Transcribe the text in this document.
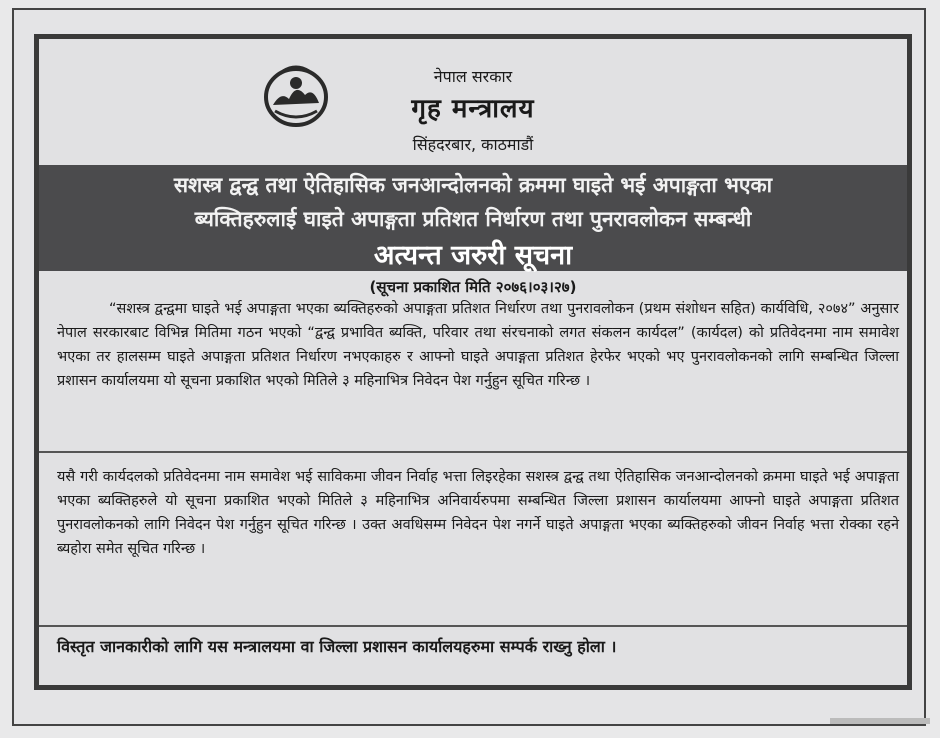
नेपाल सरकार
गृह मन्त्रालय
सिंहदरबार, काठमाडौं
सशस्त्र द्वन्द्व तथा ऐतिहासिक जनआन्दोलनको क्रममा घाइते भई अपाङ्गता भएका
ब्यक्तिहरुलाई घाइते अपाङ्गता प्रतिशत निर्धारण तथा पुनरावलोकन सम्बन्धी
अत्यन्त जरुरी सूचना
(सूचना प्रकाशित मिति २०७६।०३।२७)

“सशस्त्र द्वन्द्वमा घाइते भई अपाङ्गता भएका ब्यक्तिहरुको अपाङ्गता प्रतिशत निर्धारण तथा पुनरावलोकन (प्रथम संशोधन सहित) कार्यविधि, २०७४” अनुसार नेपाल सरकारबाट विभिन्न मितिमा गठन भएको “द्वन्द्व प्रभावित ब्यक्ति, परिवार तथा संरचनाको लगत संकलन कार्यदल” (कार्यदल) को प्रतिवेदनमा नाम समावेश भएका तर हालसम्म घाइते अपाङ्गता प्रतिशत निर्धारण नभएकाहरु र आफ्नो घाइते अपाङ्गता प्रतिशत हेरफेर भएको भए पुनरावलोकनको लागि सम्बन्धित जिल्ला प्रशासन कार्यालयमा यो सूचना प्रकाशित भएको मितिले ३ महिनाभित्र निवेदन पेश गर्नुहुन सूचित गरिन्छ ।

यसै गरी कार्यदलको प्रतिवेदनमा नाम समावेश भई साविकमा जीवन निर्वाह भत्ता लिइरहेका सशस्त्र द्वन्द्व तथा ऐतिहासिक जनआन्दोलनको क्रममा घाइते भई अपाङ्गता भएका ब्यक्तिहरुले यो सूचना प्रकाशित भएको मितिले ३ महिनाभित्र अनिवार्यरुपमा सम्बन्धित जिल्ला प्रशासन कार्यालयमा आफ्नो घाइते अपाङ्गता प्रतिशत पुनरावलोकनको लागि निवेदन पेश गर्नुहुन सूचित गरिन्छ । उक्त अवधिसम्म निवेदन पेश नगर्ने घाइते अपाङ्गता भएका ब्यक्तिहरुको जीवन निर्वाह भत्ता रोक्का रहने ब्यहोरा समेत सूचित गरिन्छ ।

विस्तृत जानकारीको लागि यस मन्त्रालयमा वा जिल्ला प्रशासन कार्यालयहरुमा सम्पर्क राख्नु होला ।
